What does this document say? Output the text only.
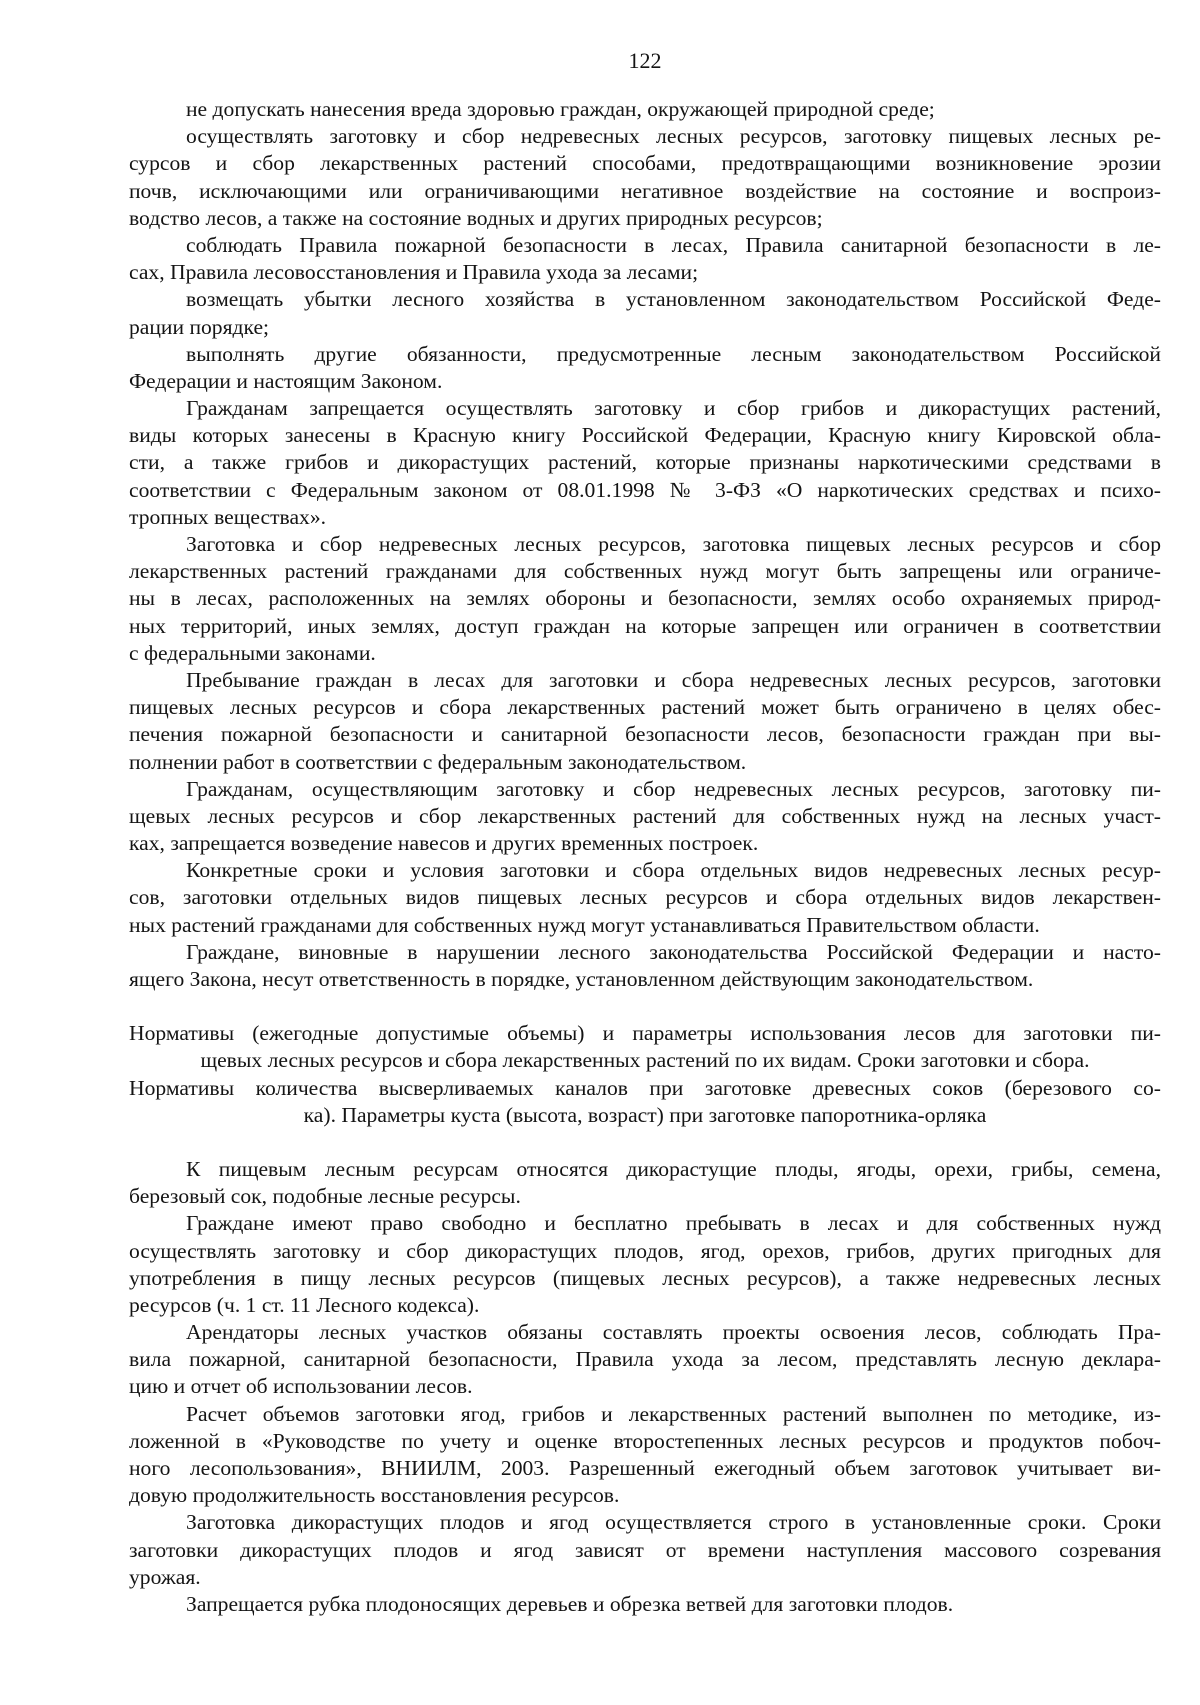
122
не допускать нанесения вреда здоровью граждан, окружающей природной среде;
осуществлять заготовку и сбор недревесных лесных ресурсов, заготовку пищевых лесных ре-
сурсов и сбор лекарственных растений способами, предотвращающими возникновение эрозии
почв, исключающими или ограничивающими негативное воздействие на состояние и воспроиз-
водство лесов, а также на состояние водных и других природных ресурсов;
соблюдать Правила пожарной безопасности в лесах, Правила санитарной безопасности в ле-
сах, Правила лесовосстановления и Правила ухода за лесами;
возмещать убытки лесного хозяйства в установленном законодательством Российской Феде-
рации порядке;
выполнять другие обязанности, предусмотренные лесным законодательством Российской
Федерации и настоящим Законом.
Гражданам запрещается осуществлять заготовку и сбор грибов и дикорастущих растений,
виды которых занесены в Красную книгу Российской Федерации, Красную книгу Кировской обла-
сти, а также грибов и дикорастущих растений, которые признаны наркотическими средствами в
соответствии с Федеральным законом от 08.01.1998 № 3-ФЗ «О наркотических средствах и психо-
тропных веществах».
Заготовка и сбор недревесных лесных ресурсов, заготовка пищевых лесных ресурсов и сбор
лекарственных растений гражданами для собственных нужд могут быть запрещены или ограниче-
ны в лесах, расположенных на землях обороны и безопасности, землях особо охраняемых природ-
ных территорий, иных землях, доступ граждан на которые запрещен или ограничен в соответствии
с федеральными законами.
Пребывание граждан в лесах для заготовки и сбора недревесных лесных ресурсов, заготовки
пищевых лесных ресурсов и сбора лекарственных растений может быть ограничено в целях обес-
печения пожарной безопасности и санитарной безопасности лесов, безопасности граждан при вы-
полнении работ в соответствии с федеральным законодательством.
Гражданам, осуществляющим заготовку и сбор недревесных лесных ресурсов, заготовку пи-
щевых лесных ресурсов и сбор лекарственных растений для собственных нужд на лесных участ-
ках, запрещается возведение навесов и других временных построек.
Конкретные сроки и условия заготовки и сбора отдельных видов недревесных лесных ресур-
сов, заготовки отдельных видов пищевых лесных ресурсов и сбора отдельных видов лекарствен-
ных растений гражданами для собственных нужд могут устанавливаться Правительством области.
Граждане, виновные в нарушении лесного законодательства Российской Федерации и насто-
ящего Закона, несут ответственность в порядке, установленном действующим законодательством.
Нормативы (ежегодные допустимые объемы) и параметры использования лесов для заготовки пи-
щевых лесных ресурсов и сбора лекарственных растений по их видам. Сроки заготовки и сбора.
Нормативы количества высверливаемых каналов при заготовке древесных соков (березового со-
ка). Параметры куста (высота, возраст) при заготовке папоротника-орляка
К пищевым лесным ресурсам относятся дикорастущие плоды, ягоды, орехи, грибы, семена,
березовый сок, подобные лесные ресурсы.
Граждане имеют право свободно и бесплатно пребывать в лесах и для собственных нужд
осуществлять заготовку и сбор дикорастущих плодов, ягод, орехов, грибов, других пригодных для
употребления в пищу лесных ресурсов (пищевых лесных ресурсов), а также недревесных лесных
ресурсов (ч. 1 ст. 11 Лесного кодекса).
Арендаторы лесных участков обязаны составлять проекты освоения лесов, соблюдать Пра-
вила пожарной, санитарной безопасности, Правила ухода за лесом, представлять лесную деклара-
цию и отчет об использовании лесов.
Расчет объемов заготовки ягод, грибов и лекарственных растений выполнен по методике, из-
ложенной в «Руководстве по учету и оценке второстепенных лесных ресурсов и продуктов побоч-
ного лесопользования», ВНИИЛМ, 2003. Разрешенный ежегодный объем заготовок учитывает ви-
довую продолжительность восстановления ресурсов.
Заготовка дикорастущих плодов и ягод осуществляется строго в установленные сроки. Сроки
заготовки дикорастущих плодов и ягод зависят от времени наступления массового созревания
урожая.
Запрещается рубка плодоносящих деревьев и обрезка ветвей для заготовки плодов.
